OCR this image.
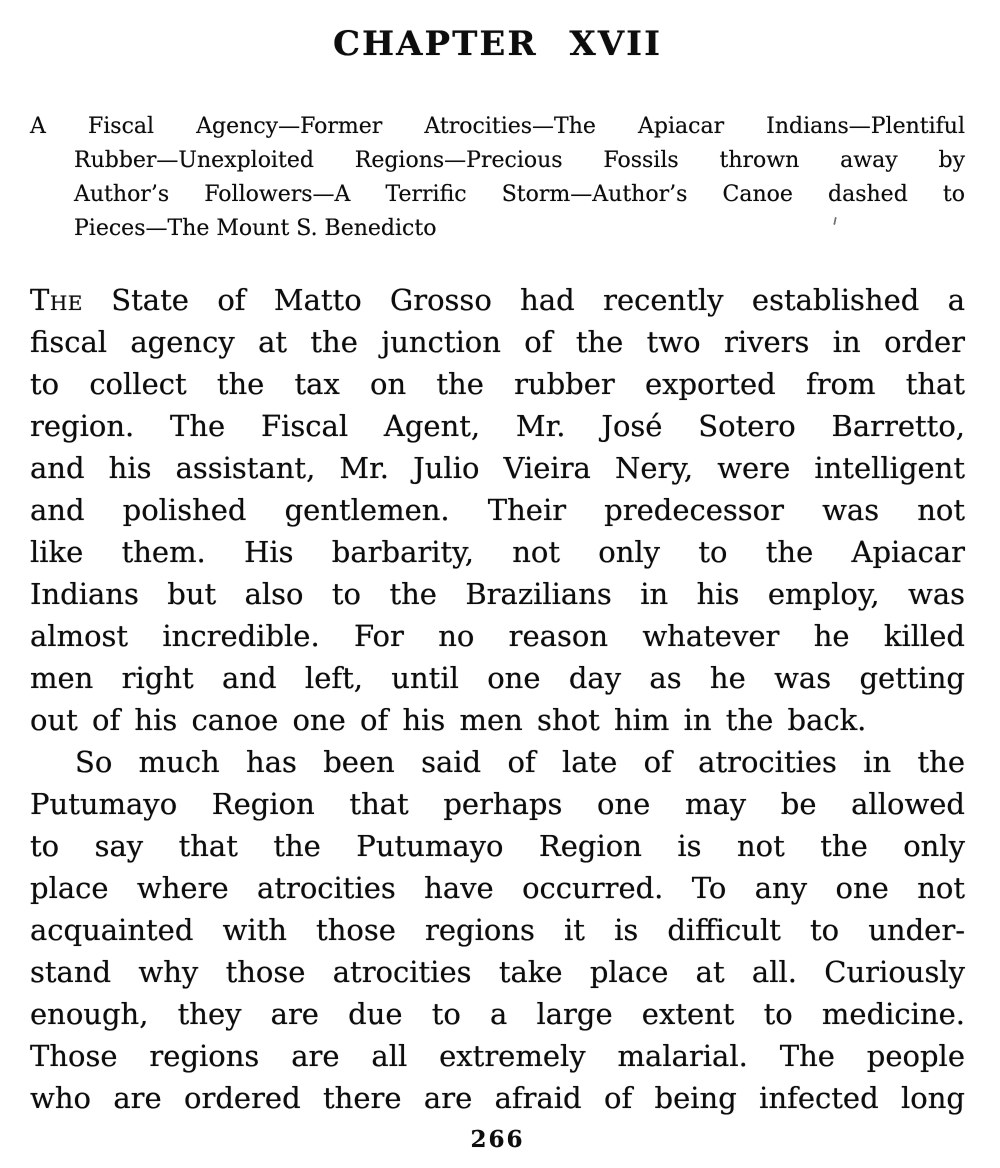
CHAPTER XVII
A Fiscal Agency—Former Atrocities—The Apiacar Indians—Plentiful
Rubber—Unexploited Regions—Precious Fossils thrown away by
Author’s Followers—A Terrific Storm—Author’s Canoe dashed to
Pieces—The Mount S. Benedicto
The State of Matto Grosso had recently established a
fiscal agency at the junction of the two rivers in order
to collect the tax on the rubber exported from that
region. The Fiscal Agent, Mr. José Sotero Barretto,
and his assistant, Mr. Julio Vieira Nery, were intelligent
and polished gentlemen. Their predecessor was not
like them. His barbarity, not only to the Apiacar
Indians but also to the Brazilians in his employ, was
almost incredible. For no reason whatever he killed
men right and left, until one day as he was getting
out of his canoe one of his men shot him in the back.
So much has been said of late of atrocities in the
Putumayo Region that perhaps one may be allowed
to say that the Putumayo Region is not the only
place where atrocities have occurred. To any one not
acquainted with those regions it is difficult to under-
stand why those atrocities take place at all. Curiously
enough, they are due to a large extent to medicine.
Those regions are all extremely malarial. The people
who are ordered there are afraid of being infected long
266
